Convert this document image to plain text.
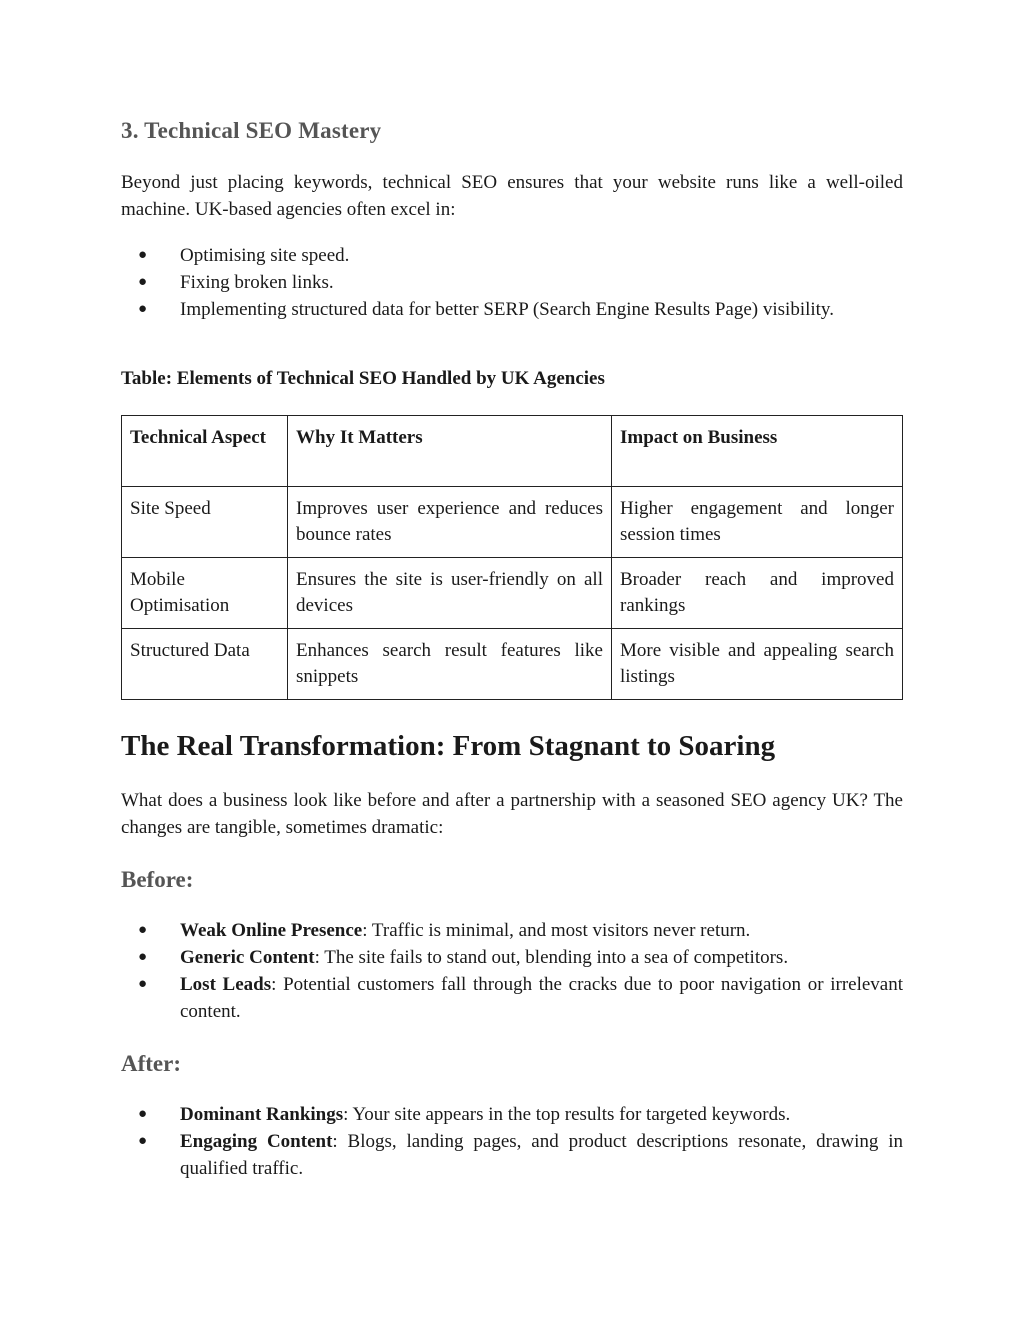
3. Technical SEO Mastery

Beyond just placing keywords, technical SEO ensures that your website runs like a well-oiled machine. UK-based agencies often excel in:

● Optimising site speed.
● Fixing broken links.
● Implementing structured data for better SERP (Search Engine Results Page) visibility.

Table: Elements of Technical SEO Handled by UK Agencies

Technical Aspect	Why It Matters	Impact on Business
Site Speed	Improves user experience and reduces bounce rates	Higher engagement and longer session times
Mobile Optimisation	Ensures the site is user-friendly on all devices	Broader reach and improved rankings
Structured Data	Enhances search result features like snippets	More visible and appealing search listings
The Real Transformation: From Stagnant to Soaring

What does a business look like before and after a partnership with a seasoned SEO agency UK? The changes are tangible, sometimes dramatic:

Before:
● Weak Online Presence: Traffic is minimal, and most visitors never return.
● Generic Content: The site fails to stand out, blending into a sea of competitors.
● Lost Leads: Potential customers fall through the cracks due to poor navigation or irrelevant content.
After:
● Dominant Rankings: Your site appears in the top results for targeted keywords.
● Engaging Content: Blogs, landing pages, and product descriptions resonate, drawing in qualified traffic.
